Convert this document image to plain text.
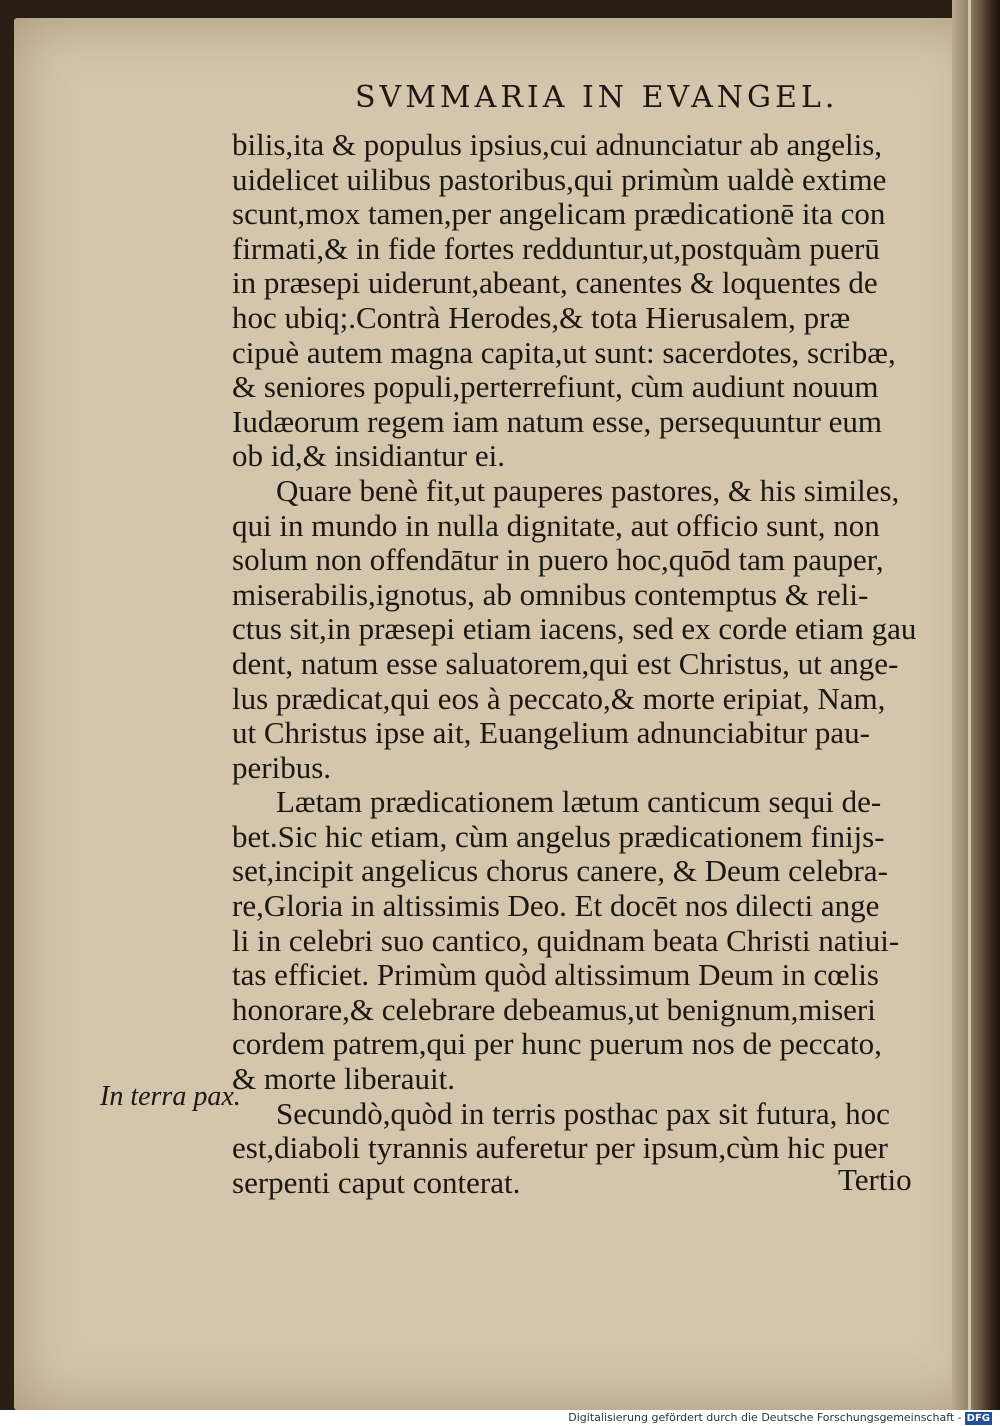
SVMMARIA IN EVANGEL.
bilis,ita & populus ipsius,cui adnunciatur ab angelis,
uidelicet uilibus pastoribus,qui primùm ualdè extime
scunt,mox tamen,per angelicam prædicationē ita con
firmati,& in fide fortes redduntur,ut,postquàm puerū
in præsepi uiderunt,abeant, canentes & loquentes de
hoc ubiq;.Contrà Herodes,& tota Hierusalem, præ
cipuè autem magna capita,ut sunt: sacerdotes, scribæ,
& seniores populi,perterrefiunt, cùm audiunt nouum
Iudæorum regem iam natum esse, persequuntur eum
ob id,& insidiantur ei.
Quare benè fit,ut pauperes pastores, & his similes,
qui in mundo in nulla dignitate, aut officio sunt, non
solum non offendātur in puero hoc,quōd tam pauper,
miserabilis,ignotus, ab omnibus contemptus & reli-
ctus sit,in præsepi etiam iacens, sed ex corde etiam gau
dent, natum esse saluatorem,qui est Christus, ut ange-
lus prædicat,qui eos à peccato,& morte eripiat, Nam,
ut Christus ipse ait, Euangelium adnunciabitur pau-
peribus.
Lætam prædicationem lætum canticum sequi de-
bet.Sic hic etiam, cùm angelus prædicationem finijs-
set,incipit angelicus chorus canere, & Deum celebra-
re,Gloria in altissimis Deo. Et docēt nos dilecti ange
li in celebri suo cantico, quidnam beata Christi natiui-
tas efficiet. Primùm quòd altissimum Deum in cœlis
honorare,& celebrare debeamus,ut benignum,miseri
cordem patrem,qui per hunc puerum nos de peccato,
& morte liberauit.
Secundò,quòd in terris posthac pax sit futura, hoc
est,diaboli tyrannis auferetur per ipsum,cùm hic puer
serpenti caput conterat.
In terra pax.
Tertio
Digitalisierung gefördert durch die Deutsche Forschungsgemeinschaft - DFG
